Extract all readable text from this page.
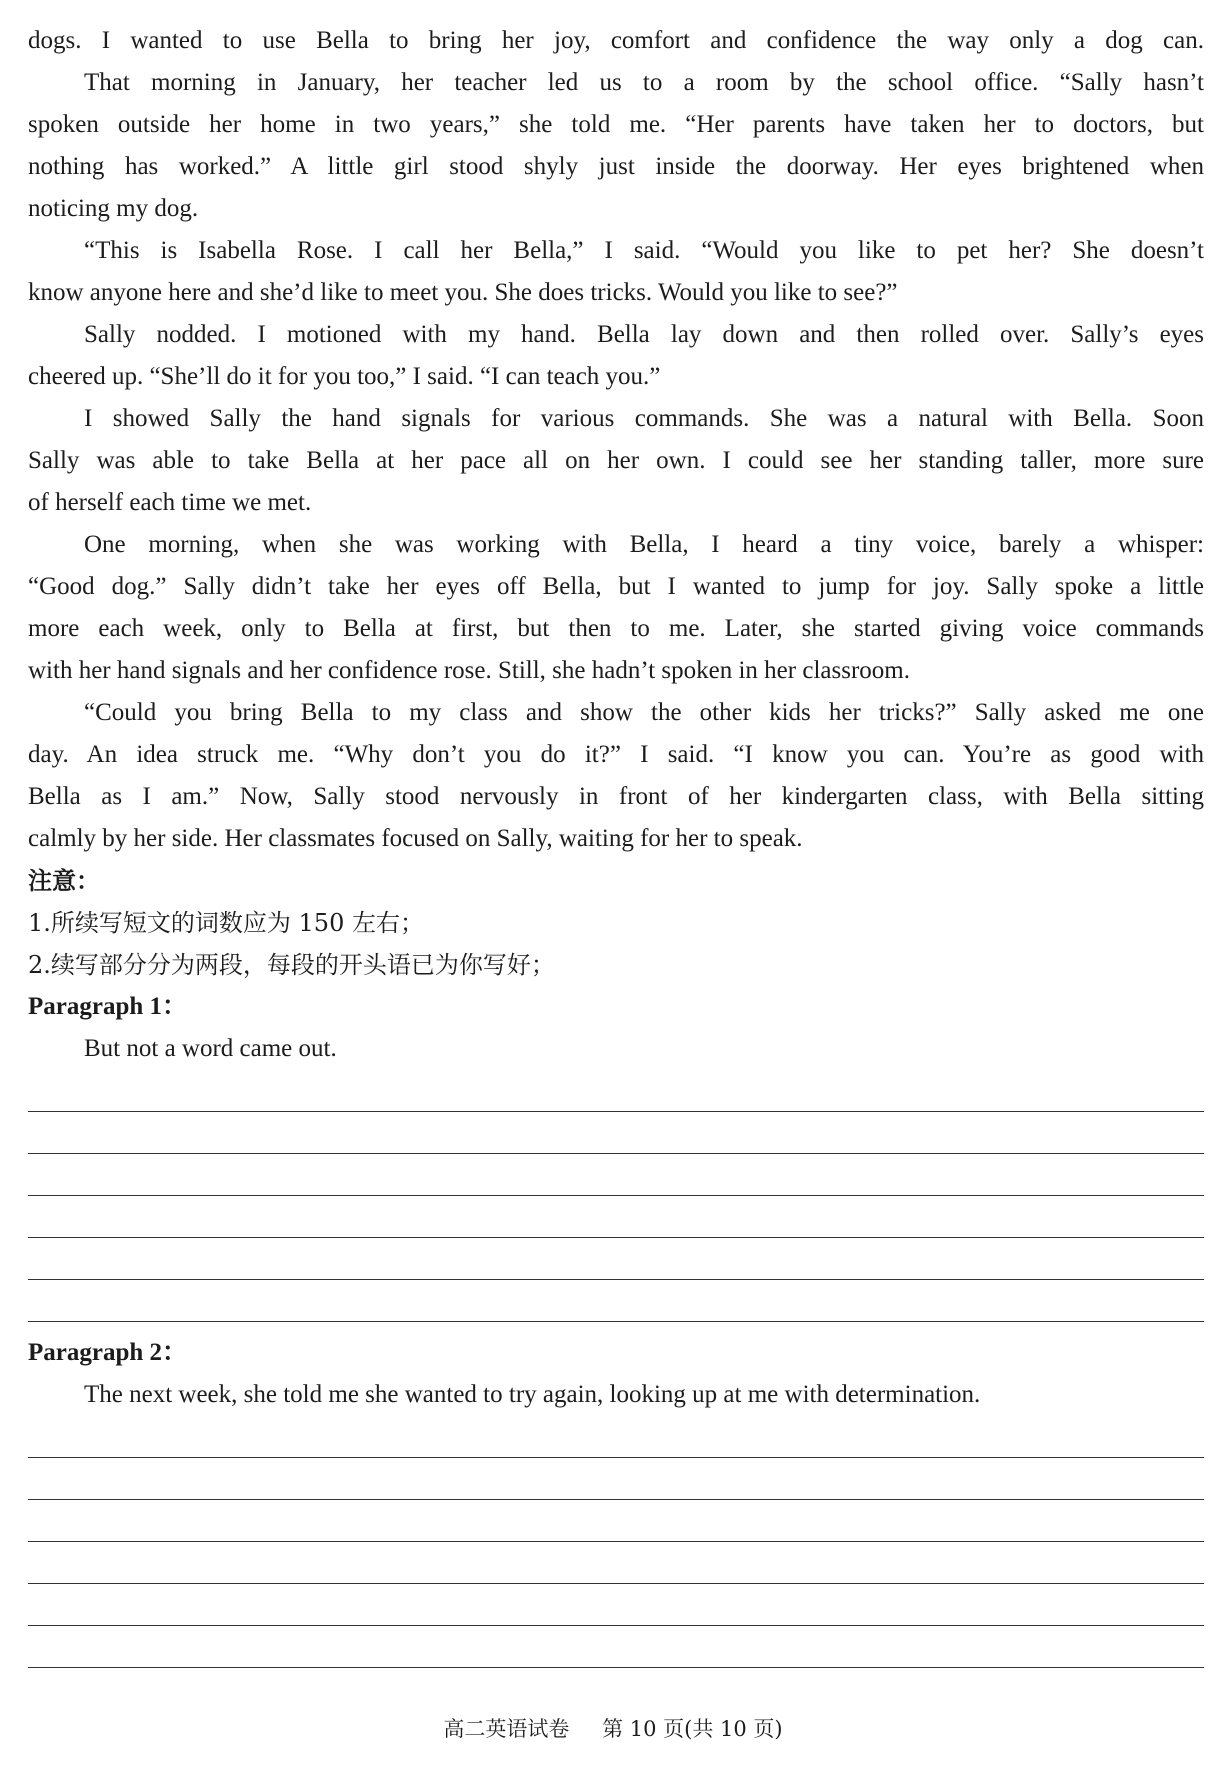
dogs. I wanted to use Bella to bring her joy, comfort and confidence the way only a dog can.
That morning in January, her teacher led us to a room by the school office. “Sally hasn’t
spoken outside her home in two years,” she told me. “Her parents have taken her to doctors, but
nothing has worked.” A little girl stood shyly just inside the doorway. Her eyes brightened when
noticing my dog.
“This is Isabella Rose. I call her Bella,” I said. “Would you like to pet her? She doesn’t
know anyone here and she’d like to meet you. She does tricks. Would you like to see?”
Sally nodded. I motioned with my hand. Bella lay down and then rolled over. Sally’s eyes
cheered up. “She’ll do it for you too,” I said. “I can teach you.”
I showed Sally the hand signals for various commands. She was a natural with Bella. Soon
Sally was able to take Bella at her pace all on her own. I could see her standing taller, more sure
of herself each time we met.
One morning, when she was working with Bella, I heard a tiny voice, barely a whisper:
“Good dog.” Sally didn’t take her eyes off Bella, but I wanted to jump for joy. Sally spoke a little
more each week, only to Bella at first, but then to me. Later, she started giving voice commands
with her hand signals and her confidence rose. Still, she hadn’t spoken in her classroom.
“Could you bring Bella to my class and show the other kids her tricks?” Sally asked me one
day. An idea struck me. “Why don’t you do it?” I said. “I know you can. You’re as good with
Bella as I am.” Now, Sally stood nervously in front of her kindergarten class, with Bella sitting
calmly by her side. Her classmates focused on Sally, waiting for her to speak.
注意：
1.所续写短文的词数应为 150 左右；
2.续写部分分为两段，每段的开头语已为你写好；
Paragraph 1：
But not a word came out.
Paragraph 2：
The next week, she told me she wanted to try again, looking up at me with determination.
高二英语试卷 第 10 页(共 10 页)
